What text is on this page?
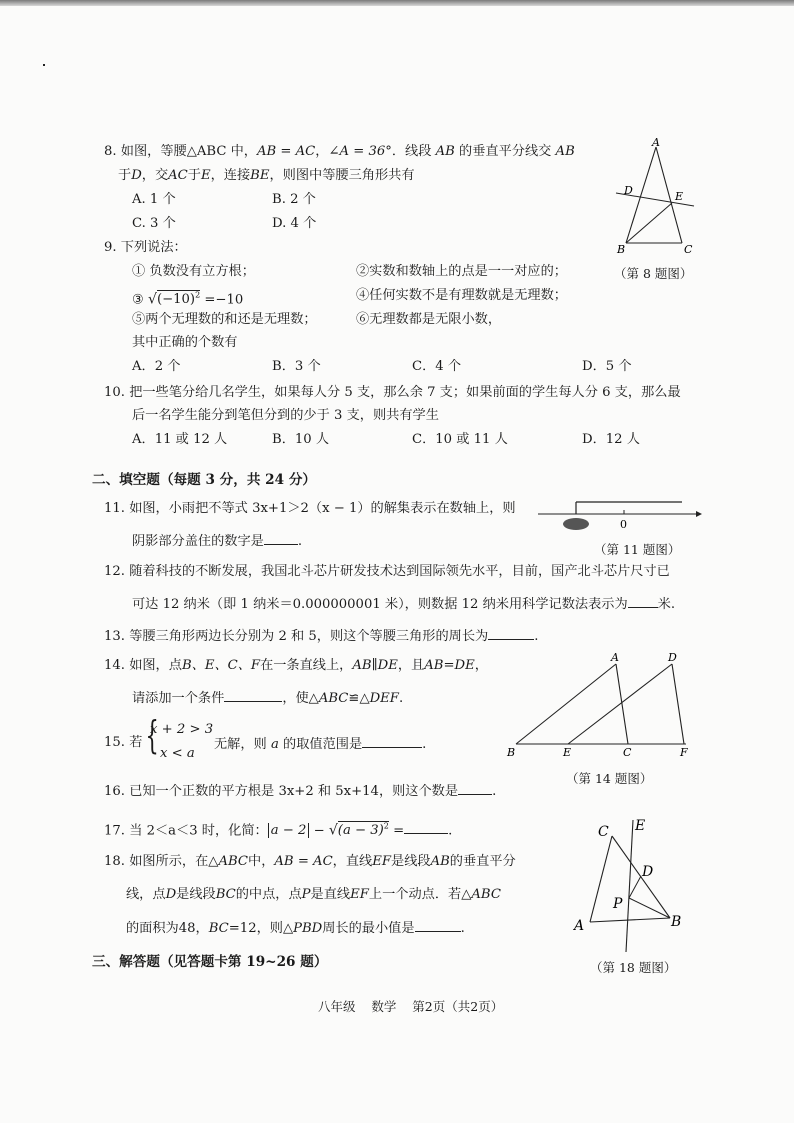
8. 如图，等腰△ABC 中，AB = AC，∠A = 36°．线段 AB 的垂直平分线交 AB
于D，交AC于E，连接BE，则图中等腰三角形共有
A. 1 个	B. 2 个
C. 3 个	D. 4 个
A
D	E
B	C
（第 8 题图）
9. 下列说法：
① 负数没有立方根；	②实数和数轴上的点是一一对应的；
③ $√(-10)^2 =-10$	④任何实数不是有理数就是无理数；
⑤两个无理数的和还是无理数；	⑥无理数都是无限小数，
其中正确的个数有
A．2 个	B．3 个	C．4 个	D．5 个
10. 把一些笔分给几名学生，如果每人分 5 支，那么余 7 支；如果前面的学生每人分 6 支，那么最
后一名学生能分到笔但分到的少于 3 支，则共有学生
A．11 或 12 人	B．10 人	C．10 或 11 人	D．12 人
二、填空题（每题 3 分，共 24 分）
11. 如图，小雨把不等式 3x+1＞2（x − 1）的解集表示在数轴上，则
阴影部分盖住的数字是	.
0
（第 11 题图）
12. 随着科技的不断发展，我国北斗芯片研发技术达到国际领先水平，目前，国产北斗芯片尺寸已
可达 12 纳米（即 1 纳米＝0.000000001 米），则数据 12 纳米用科学记数法表示为 米.
13. 等腰三角形两边长分别为 2 和 5，则这个等腰三角形的周长为	.
14. 如图，点B、E、C、F在一条直线上，AB∥DE，且AB=DE，
请添加一个条件	，使△ABC≌△DEF.
A	D
B	E	C	F
（第 14 题图）
15. 若 {
x + 2 > 3
x < a
无解，则 a 的取值范围是	.
16. 已知一个正数的平方根是 3x+2 和 5x+14，则这个数是	.
17. 当 2＜a＜3 时，化简： $a - 2 - √(a - 3)^2$ =	.
18. 如图所示，在△ABC中，AB = AC，直线EF是线段AB的垂直平分
线，点D是线段BC的中点，点P是直线EF上一个动点．若△ABC
的面积为48，BC=12，则△PBD周长的最小值是	.
C E
D
P
A	B
（第 18 题图）
三、解答题（见答题卡第 19~26 题）
八年级    数学    第2页（共2页）
